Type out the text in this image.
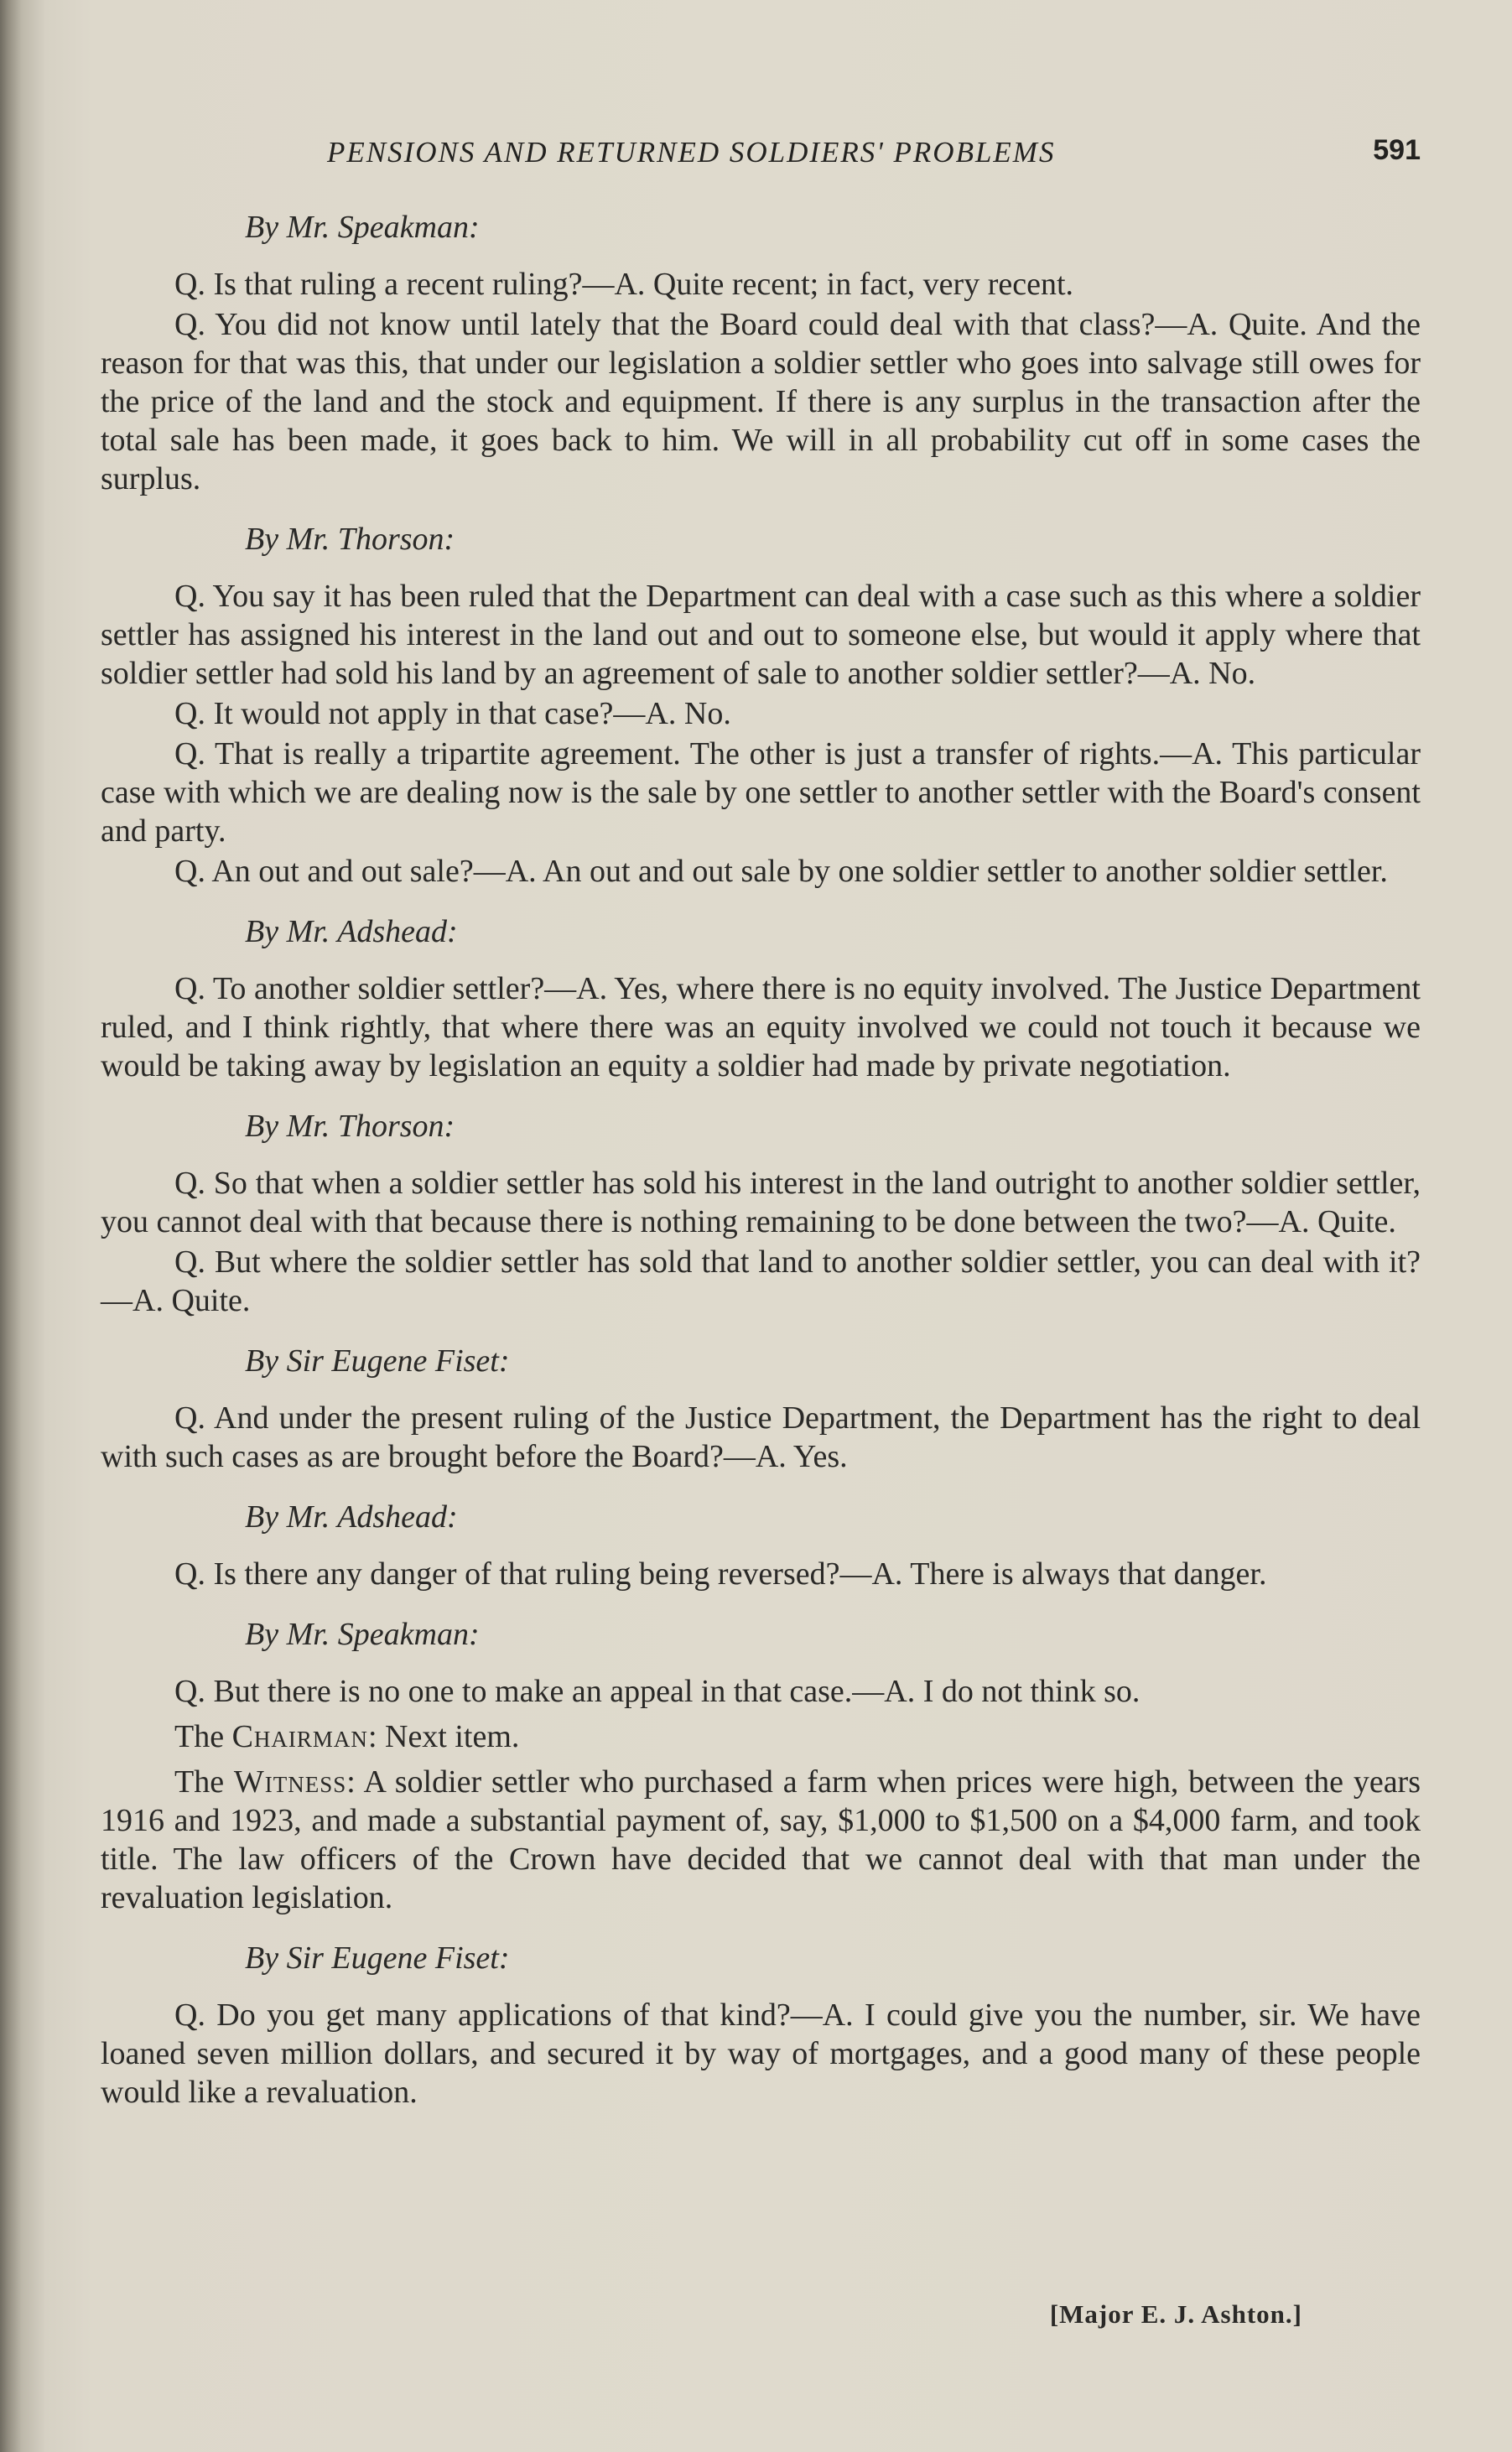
PENSIONS AND RETURNED SOLDIERS' PROBLEMS	591
By Mr. Speakman:

Q. Is that ruling a recent ruling?—A. Quite recent; in fact, very recent.

Q. You did not know until lately that the Board could deal with that class?—A. Quite. And the reason for that was this, that under our legislation a soldier settler who goes into salvage still owes for the price of the land and the stock and equipment. If there is any surplus in the transaction after the total sale has been made, it goes back to him. We will in all probability cut off in some cases the surplus.

By Mr. Thorson:

Q. You say it has been ruled that the Department can deal with a case such as this where a soldier settler has assigned his interest in the land out and out to someone else, but would it apply where that soldier settler had sold his land by an agreement of sale to another soldier settler?—A. No.

Q. It would not apply in that case?—A. No.

Q. That is really a tripartite agreement. The other is just a transfer of rights.—A. This particular case with which we are dealing now is the sale by one settler to another settler with the Board's consent and party.

Q. An out and out sale?—A. An out and out sale by one soldier settler to another soldier settler.

By Mr. Adshead:

Q. To another soldier settler?—A. Yes, where there is no equity involved. The Justice Department ruled, and I think rightly, that where there was an equity involved we could not touch it because we would be taking away by legislation an equity a soldier had made by private negotiation.

By Mr. Thorson:

Q. So that when a soldier settler has sold his interest in the land outright to another soldier settler, you cannot deal with that because there is nothing remaining to be done between the two?—A. Quite.

Q. But where the soldier settler has sold that land to another soldier settler, you can deal with it?—A. Quite.

By Sir Eugene Fiset:

Q. And under the present ruling of the Justice Department, the Department has the right to deal with such cases as are brought before the Board?—A. Yes.

By Mr. Adshead:

Q. Is there any danger of that ruling being reversed?—A. There is always that danger.

By Mr. Speakman:

Q. But there is no one to make an appeal in that case.—A. I do not think so.

The Chairman: Next item.

The Witness: A soldier settler who purchased a farm when prices were high, between the years 1916 and 1923, and made a substantial payment of, say, $1,000 to $1,500 on a $4,000 farm, and took title. The law officers of the Crown have decided that we cannot deal with that man under the revaluation legislation.

By Sir Eugene Fiset:

Q. Do you get many applications of that kind?—A. I could give you the number, sir. We have loaned seven million dollars, and secured it by way of mortgages, and a good many of these people would like a revaluation.

[Major E. J. Ashton.]
